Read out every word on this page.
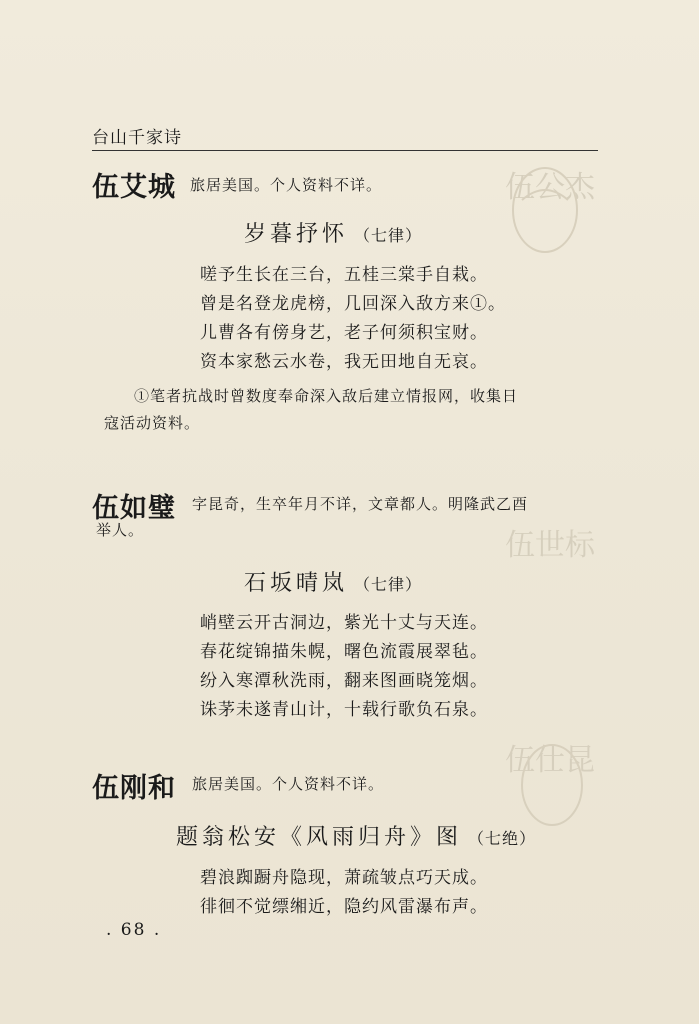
伍公杰
伍世标
伍仕昆
台山千家诗
伍艾城 旅居美国。个人资料不详。
岁暮抒怀 （七律）
嗟予生长在三台，五桂三棠手自栽。
曾是名登龙虎榜，几回深入敌方来①。
儿曹各有傍身艺，老子何须积宝财。
资本家愁云水卷，我无田地自无哀。
①笔者抗战时曾数度奉命深入敌后建立情报网，收集日
寇活动资料。
伍如璧 字昆奇，生卒年月不详，文章都人。明隆武乙酉
举人。
石坂晴岚 （七律）
峭壁云开古洞边，紫光十丈与天连。
春花绽锦描朱幌，曙色流霞展翠毡。
纷入寒潭秋洗雨，翻来图画晓笼烟。
诛茅未遂青山计，十载行歌负石泉。
伍刚和 旅居美国。个人资料不详。
题翁松安《风雨归舟》图 （七绝）
碧浪踟蹰舟隐现，萧疏皱点巧天成。
徘徊不觉缥缃近，隐约风雷瀑布声。
. 68 .
